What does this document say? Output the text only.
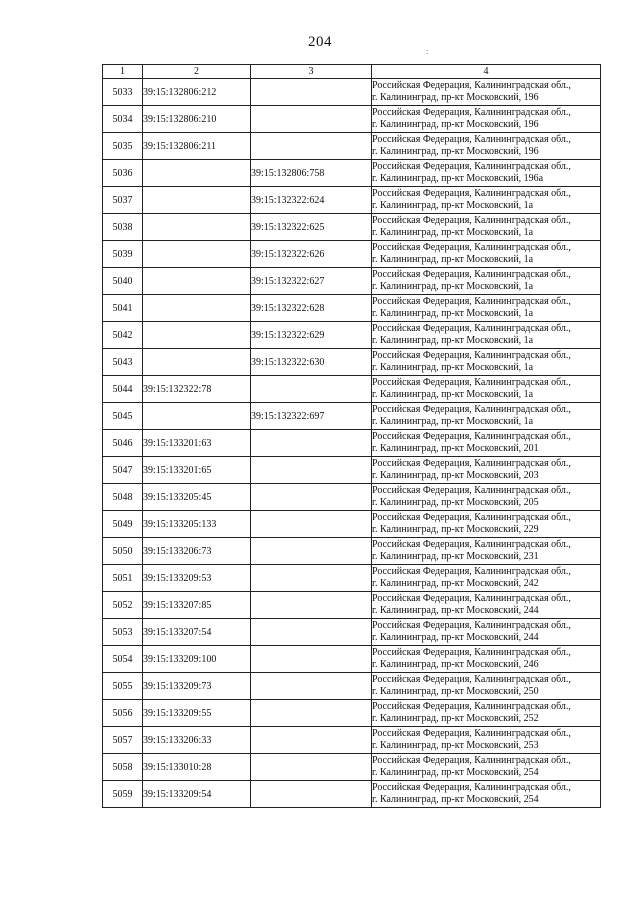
204
:
1	2	3	4
5033	39:15:132806:212		Российская Федерация, Калининградская обл.,
г. Калининград, пр-кт Московский, 196

5034	39:15:132806:210		Российская Федерация, Калининградская обл.,
г. Калининград, пр-кт Московский, 196

5035	39:15:132806:211		Российская Федерация, Калининградская обл.,
г. Калининград, пр-кт Московский, 196

5036		39:15:132806:758	Российская Федерация, Калининградская обл.,
г. Калининград, пр-кт Московский, 196а

5037		39:15:132322:624	Российская Федерация, Калининградская обл.,
г. Калининград, пр-кт Московский, 1а

5038		39:15:132322:625	Российская Федерация, Калининградская обл.,
г. Калининград, пр-кт Московский, 1а

5039		39:15:132322:626	Российская Федерация, Калининградская обл.,
г. Калининград, пр-кт Московский, 1а

5040		39:15:132322:627	Российская Федерация, Калининградская обл.,
г. Калининград, пр-кт Московский, 1а

5041		39:15:132322:628	Российская Федерация, Калининградская обл.,
г. Калининград, пр-кт Московский, 1а

5042		39:15:132322:629	Российская Федерация, Калининградская обл.,
г. Калининград, пр-кт Московский, 1а

5043		39:15:132322:630	Российская Федерация, Калининградская обл.,
г. Калининград, пр-кт Московский, 1а

5044	39:15:132322:78		Российская Федерация, Калининградская обл.,
г. Калининград, пр-кт Московский, 1а

5045		39:15:132322:697	Российская Федерация, Калининградская обл.,
г. Калининград, пр-кт Московский, 1а

5046	39:15:133201:63		Российская Федерация, Калининградская обл.,
г. Калининград, пр-кт Московский, 201

5047	39:15:133201:65		Российская Федерация, Калининградская обл.,
г. Калининград, пр-кт Московский, 203

5048	39:15:133205:45		Российская Федерация, Калининградская обл.,
г. Калининград, пр-кт Московский, 205

5049	39:15:133205:133		Российская Федерация, Калининградская обл.,
г. Калининград, пр-кт Московский, 229

5050	39:15:133206:73		Российская Федерация, Калининградская обл.,
г. Калининград, пр-кт Московский, 231

5051	39:15:133209:53		Российская Федерация, Калининградская обл.,
г. Калининград, пр-кт Московский, 242

5052	39:15:133207:85		Российская Федерация, Калининградская обл.,
г. Калининград, пр-кт Московский, 244

5053	39:15:133207:54		Российская Федерация, Калининградская обл.,
г. Калининград, пр-кт Московский, 244

5054	39:15:133209:100		Российская Федерация, Калининградская обл.,
г. Калининград, пр-кт Московский, 246

5055	39:15:133209:73		Российская Федерация, Калининградская обл.,
г. Калининград, пр-кт Московский, 250

5056	39:15:133209:55		Российская Федерация, Калининградская обл.,
г. Калининград, пр-кт Московский, 252

5057	39:15:133206:33		Российская Федерация, Калининградская обл.,
г. Калининград, пр-кт Московский, 253

5058	39:15:133010:28		Российская Федерация, Калининградская обл.,
г. Калининград, пр-кт Московский, 254

5059	39:15:133209:54		Российская Федерация, Калининградская обл.,
г. Калининград, пр-кт Московский, 254
